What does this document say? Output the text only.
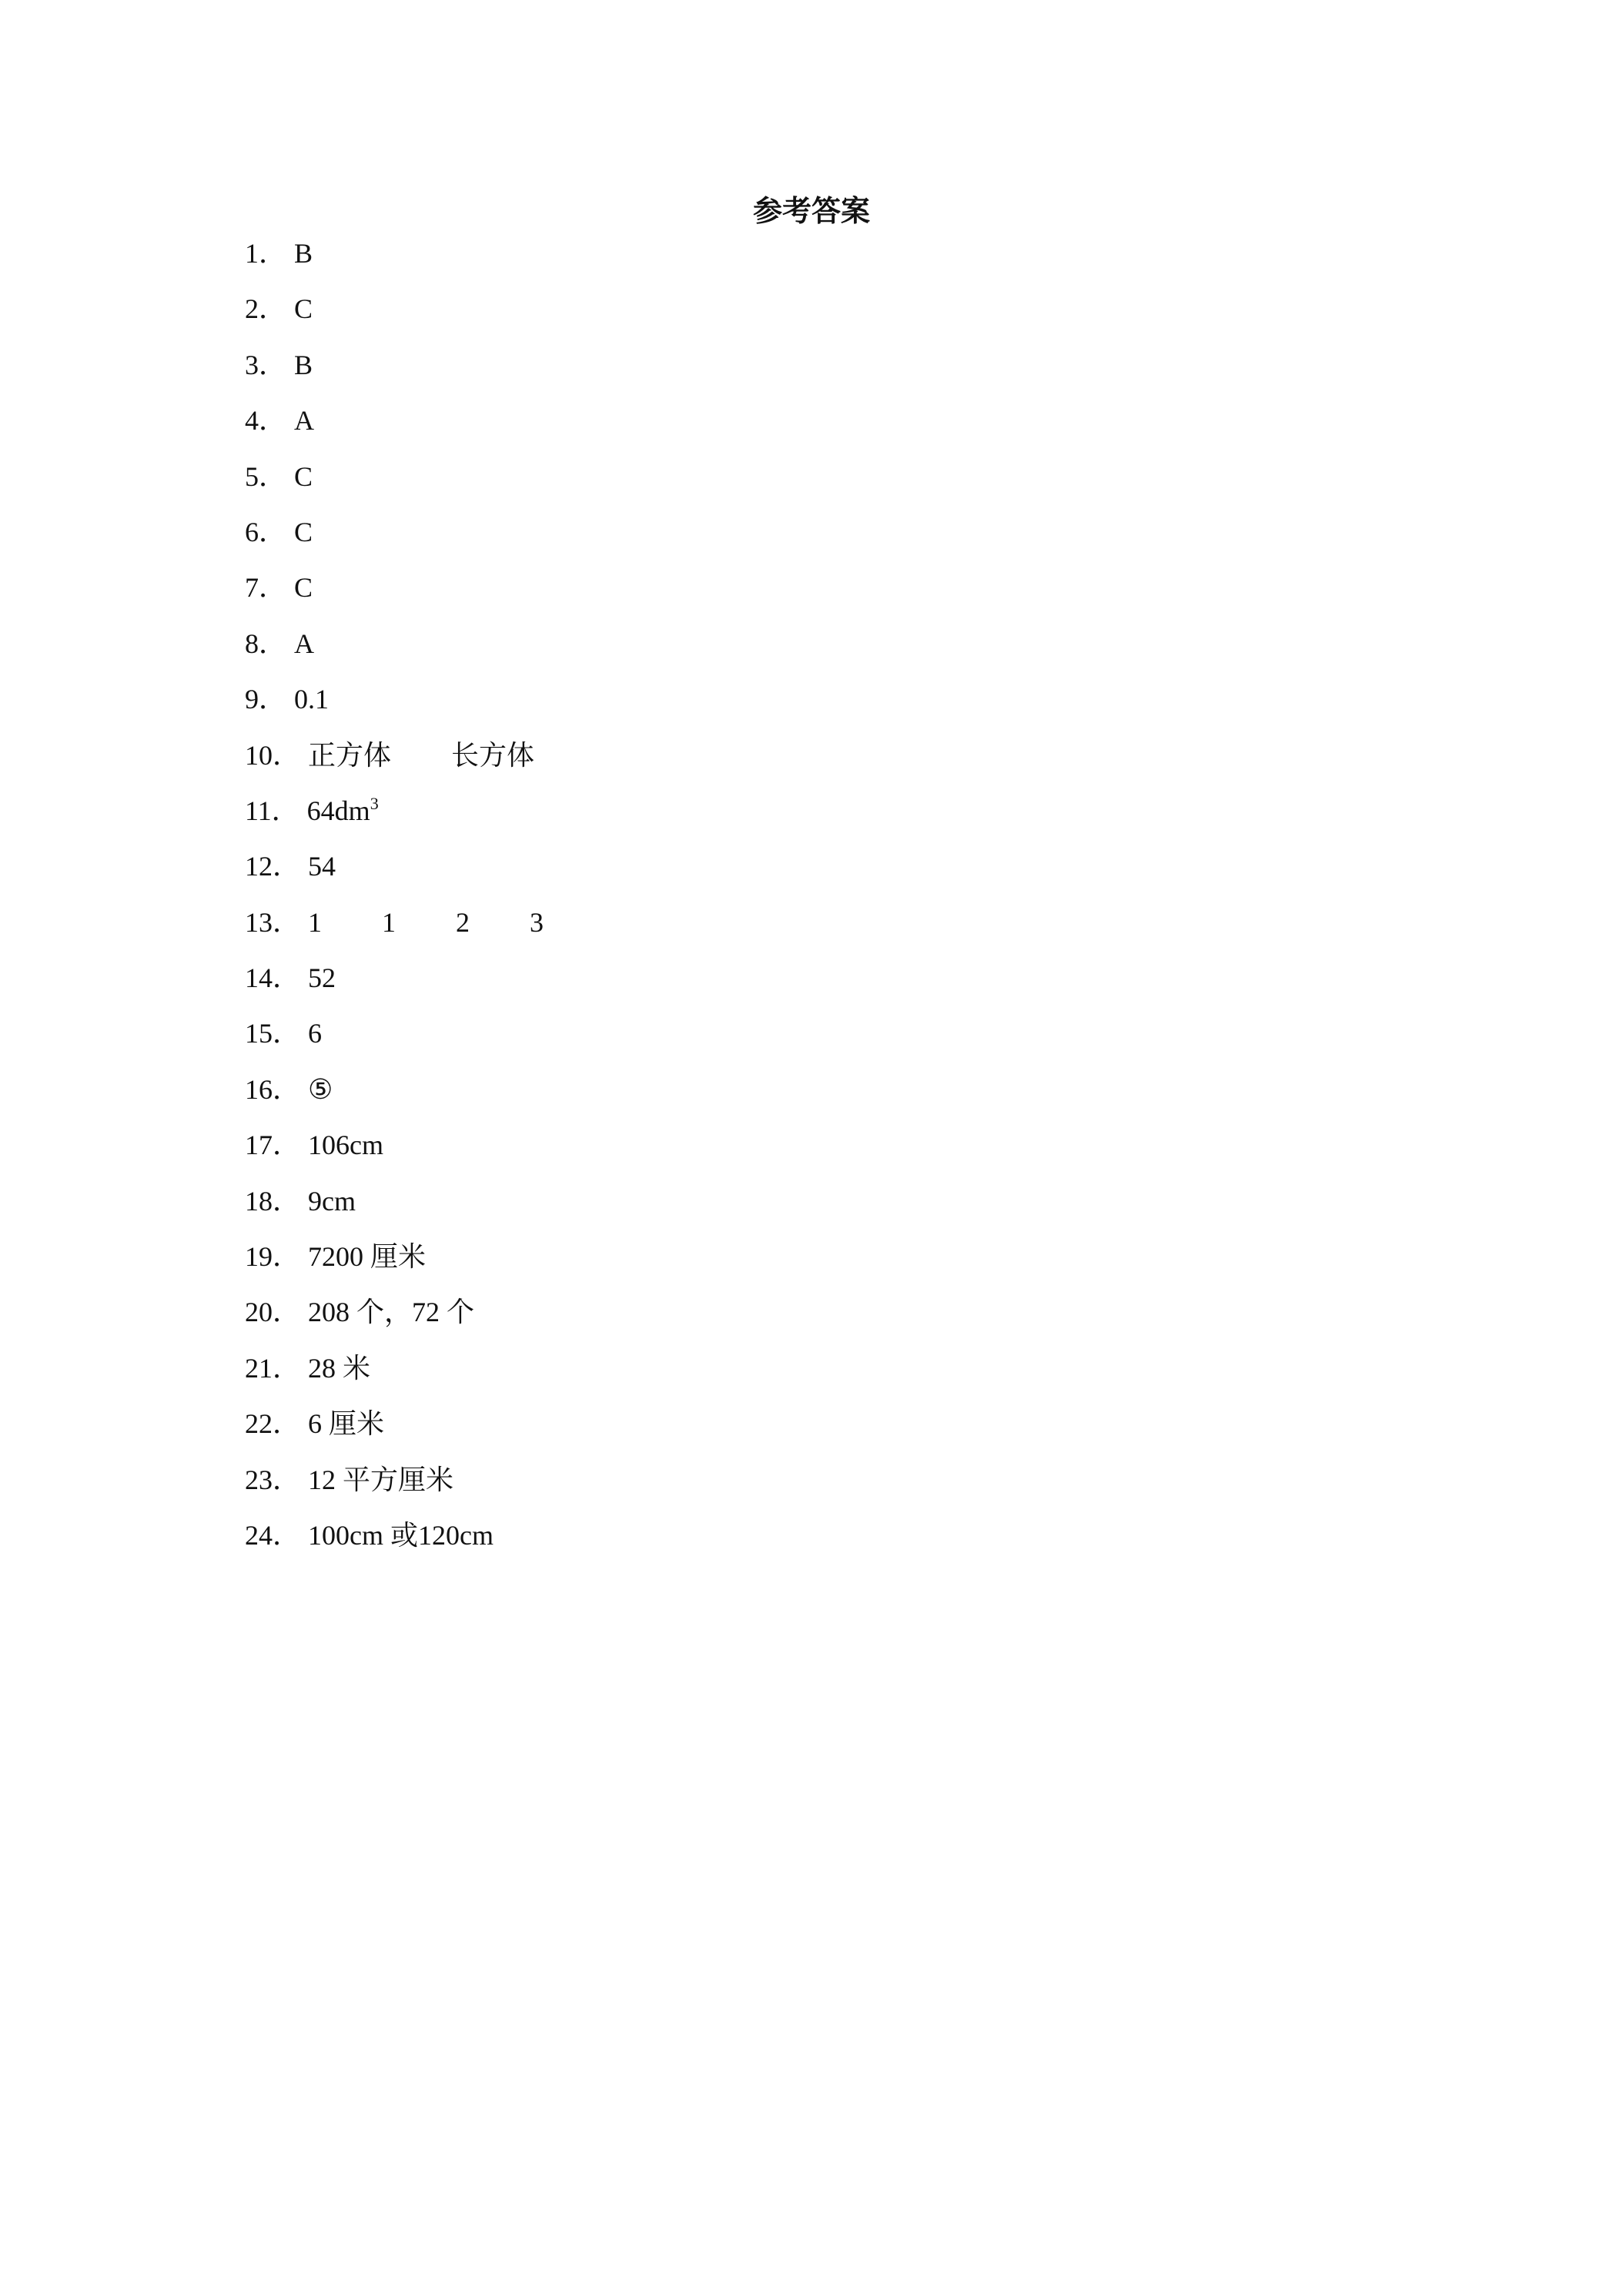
参考答案
1． B
2． C
3． B
4． A
5． C
6． C
7． C
8． A
9． 0.1
10． 正方体 长方体
11． $64dm^3$
12． 54
13． 1 1 2 3
14． 52
15． 6
16． ⑤
17． 106cm
18． 9cm
19． 7200 厘米
20． 208 个，72 个
21． 28 米
22． 6 厘米
23． 12 平方厘米
24． 100cm 或120cm
